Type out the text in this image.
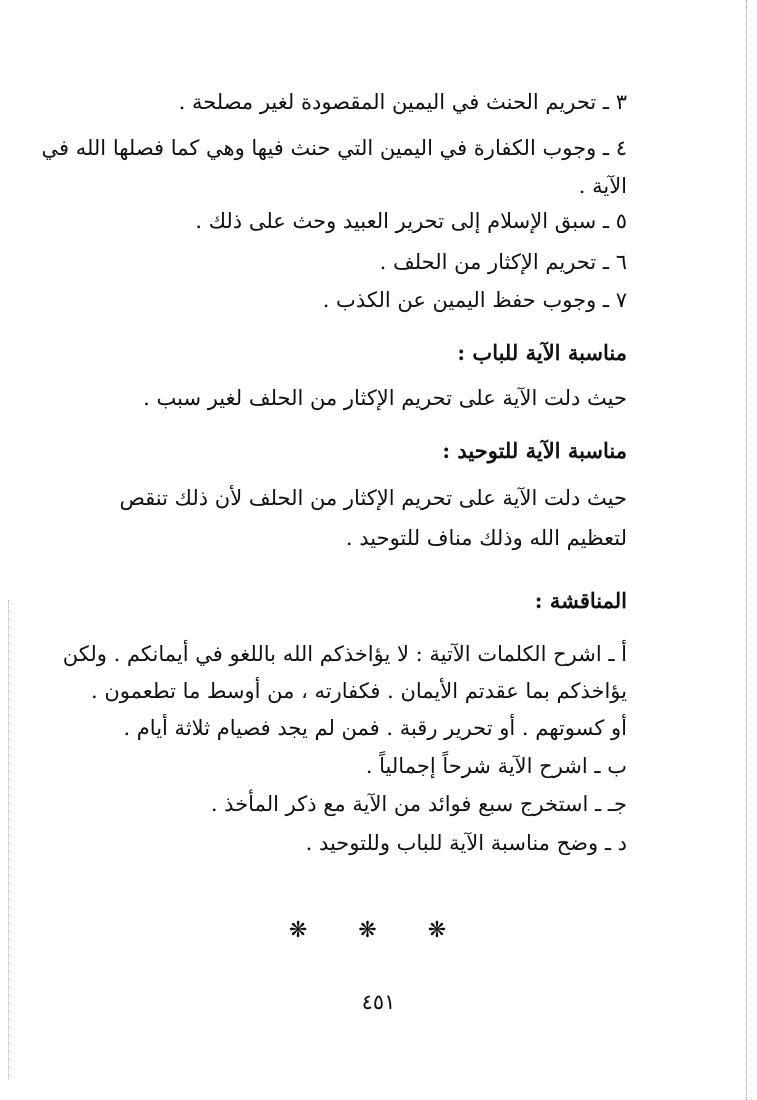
٣ ـ تحريم الحنث في اليمين المقصودة لغير مصلحة .
٤ ـ وجوب الكفارة في اليمين التي حنث فيها وهي كما فصلها الله في
الآية .
٥ ـ سبق الإسلام إلى تحرير العبيد وحث على ذلك .
٦ ـ تحريم الإكثار من الحلف .
٧ ـ وجوب حفظ اليمين عن الكذب .
مناسبة الآية للباب :
حيث دلت الآية على تحريم الإكثار من الحلف لغير سبب .
مناسبة الآية للتوحيد :
حيث دلت الآية على تحريم الإكثار من الحلف لأن ذلك تنقص
لتعظيم الله وذلك مناف للتوحيد .
المناقشة :
أ ـ اشرح الكلمات الآتية : لا يؤاخذكم الله باللغو في أيمانكم . ولكن
يؤاخذكم بما عقدتم الأيمان . فكفارته ، من أوسط ما تطعمون .
أو كسوتهم . أو تحرير رقبة . فمن لم يجد فصيام ثلاثة أيام .
ب ـ اشرح الآية شرحاً إجمالياً .
جـ ـ استخرج سبع فوائد من الآية مع ذكر المأخذ .
د ـ وضح مناسبة الآية للباب وللتوحيد .
❋ ❋ ❋
٤٥١
